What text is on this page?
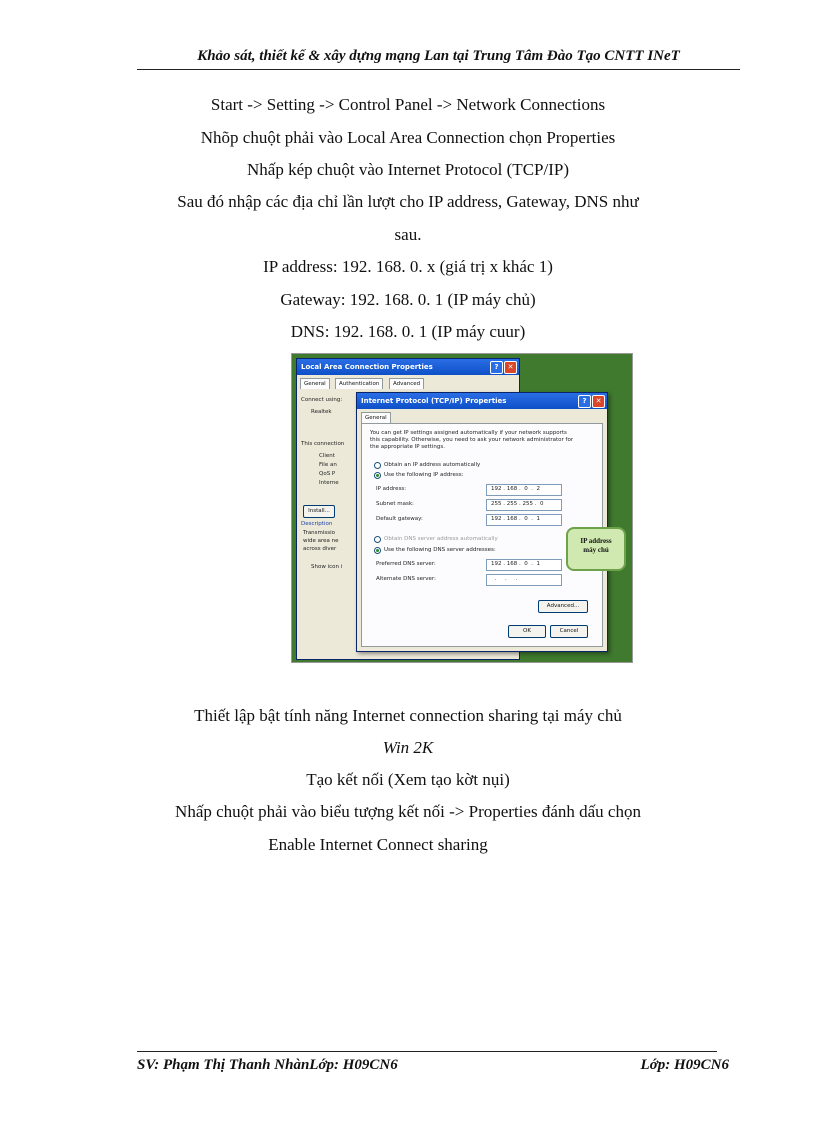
Khảo sát, thiết kế & xây dựng mạng Lan tại Trung Tâm Đào Tạo CNTT INeT
Start -> Setting -> Control Panel -> Network Connections
Nhõp chuột phải vào Local Area Connection chọn Properties
Nhấp kép chuột vào Internet Protocol (TCP/IP)
Sau đó nhập các địa chỉ lần lượt cho IP address, Gateway, DNS như
sau.
IP address: 192. 168. 0. x (giá trị x khác 1)
Gateway: 192. 168. 0. 1 (IP máy chủ)
DNS: 192. 168. 0. 1 (IP máy cuur)
Local Area Connection Properties	?	✕
General	Authentication	Advanced
Connect using:
Realtek
This connection
Client
File an
QoS P
Interne
Install...
Description
Transmissio
wide area ne
across diver
Show icon i
Internet Protocol (TCP/IP) Properties	?	✕
General
You can get IP settings assigned automatically if your network supports
this capability. Otherwise, you need to ask your network administrator for
the appropriate IP settings.
Obtain an IP address automatically
Use the following IP address:
IP address:	192 . 168 .  0  .  2
Subnet mask:	255 . 255 . 255 .  0
Default gateway:	192 . 168 .  0  .  1
Obtain DNS server address automatically
Use the following DNS server addresses:
Preferred DNS server:	192 . 168 .  0  .  1
Alternate DNS server:	.     .     .
Advanced...
OK	Cancel
IP address
máy chủ
Thiết lập bật tính năng Internet connection sharing tại máy chủ
Win 2K
Tạo kết nối (Xem tạo kờt nụi)
Nhấp chuột phải vào biểu tượng kết nối -> Properties đánh dấu chọn
Enable Internet Connect sharing
SV: Phạm Thị Thanh NhànLớp: H09CN6	Lớp: H09CN6
